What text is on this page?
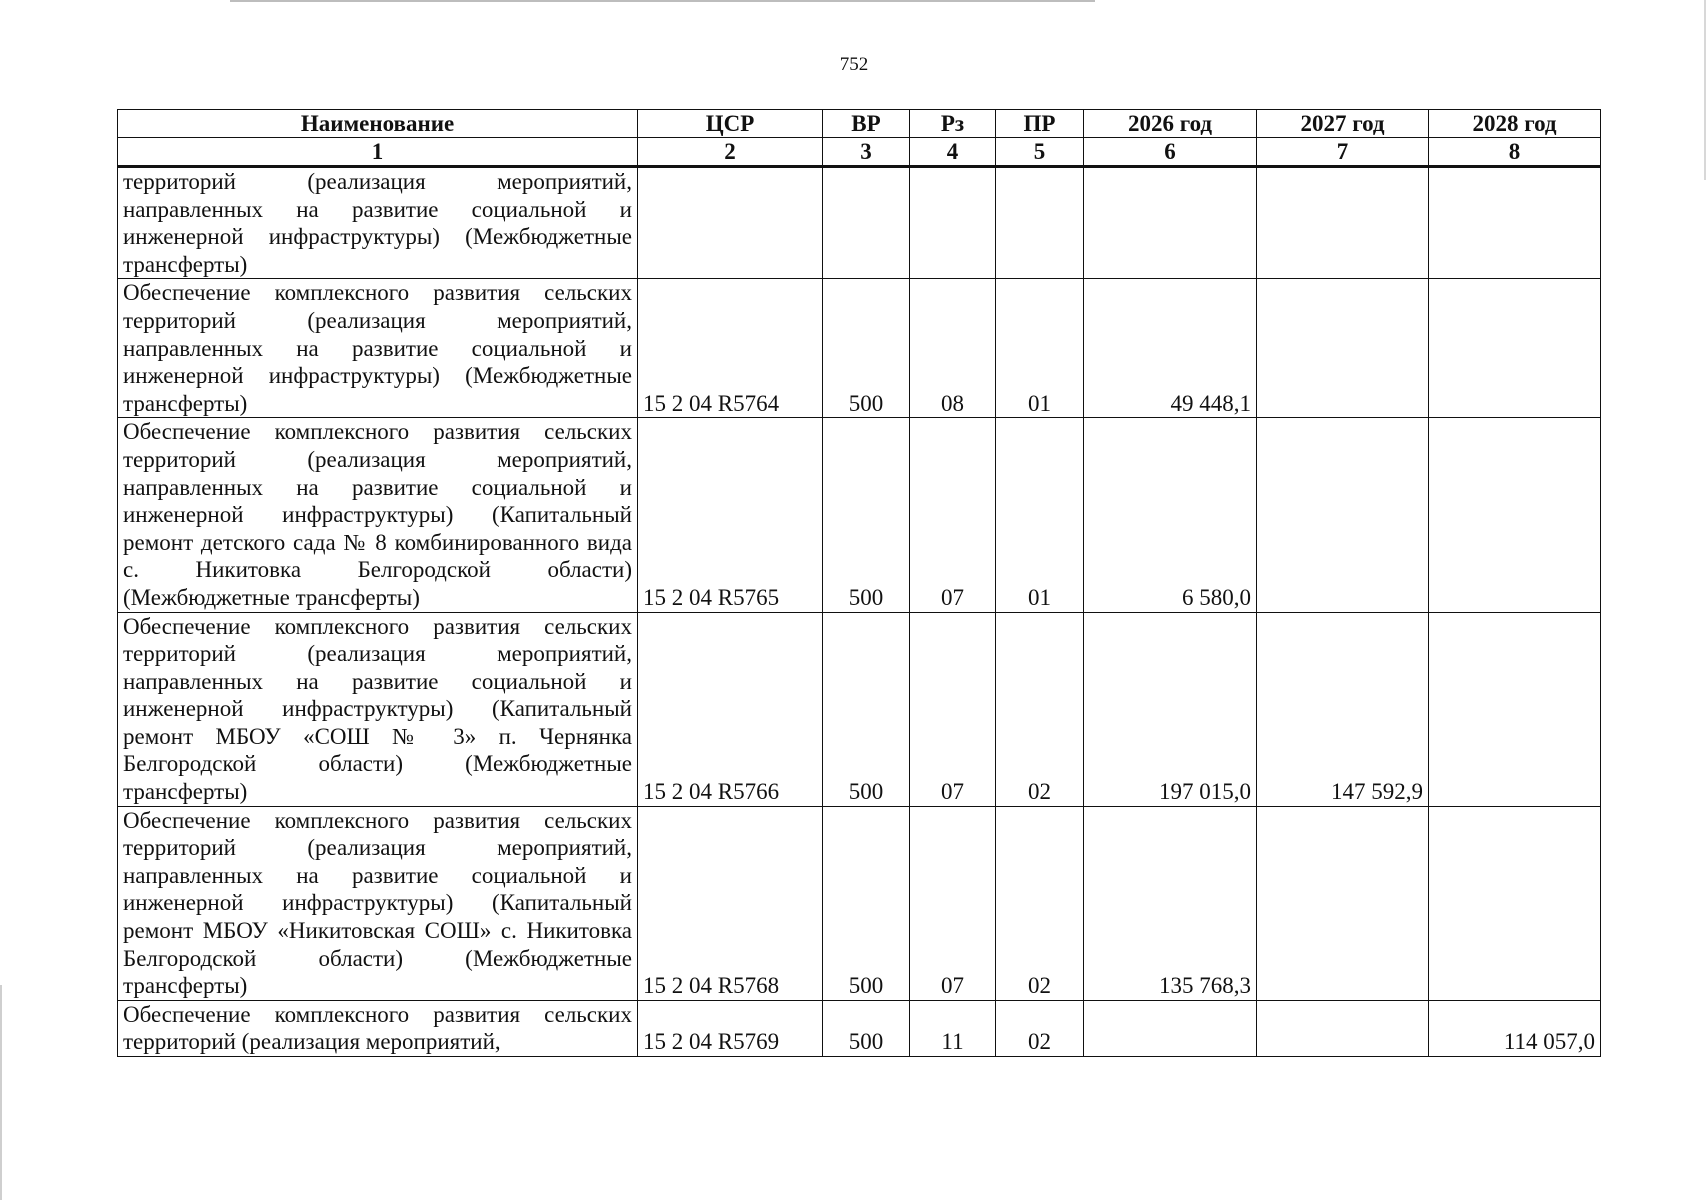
752
Наименование	ЦСР	ВР	Рз	ПР	2026 год	2027 год	2028 год
1	2	3	4	5	6	7	8
территорий (реализация мероприятий, направленных на развитие социальной и инженерной инфраструктуры) (Межбюджетные трансферты)							
Обеспечение комплексного развития сельских территорий (реализация мероприятий, направленных на развитие социальной и инженерной инфраструктуры) (Межбюджетные трансферты)	15 2 04 R5764	500	08	01	49 448,1		
Обеспечение комплексного развития сельских территорий (реализация мероприятий, направленных на развитие социальной и инженерной инфраструктуры) (Капитальный ремонт детского сада № 8 комбинированного вида с. Никитовка Белгородской области) (Межбюджетные трансферты)	15 2 04 R5765	500	07	01	6 580,0		
Обеспечение комплексного развития сельских территорий (реализация мероприятий, направленных на развитие социальной и инженерной инфраструктуры) (Капитальный ремонт МБОУ «СОШ № 3» п. Чернянка Белгородской области) (Межбюджетные трансферты)	15 2 04 R5766	500	07	02	197 015,0	147 592,9	
Обеспечение комплексного развития сельских территорий (реализация мероприятий, направленных на развитие социальной и инженерной инфраструктуры) (Капитальный ремонт МБОУ «Никитовская СОШ» с. Никитовка Белгородской области) (Межбюджетные трансферты)	15 2 04 R5768	500	07	02	135 768,3		
Обеспечение комплексного развития сельских территорий (реализация мероприятий,	15 2 04 R5769	500	11	02			114 057,0
